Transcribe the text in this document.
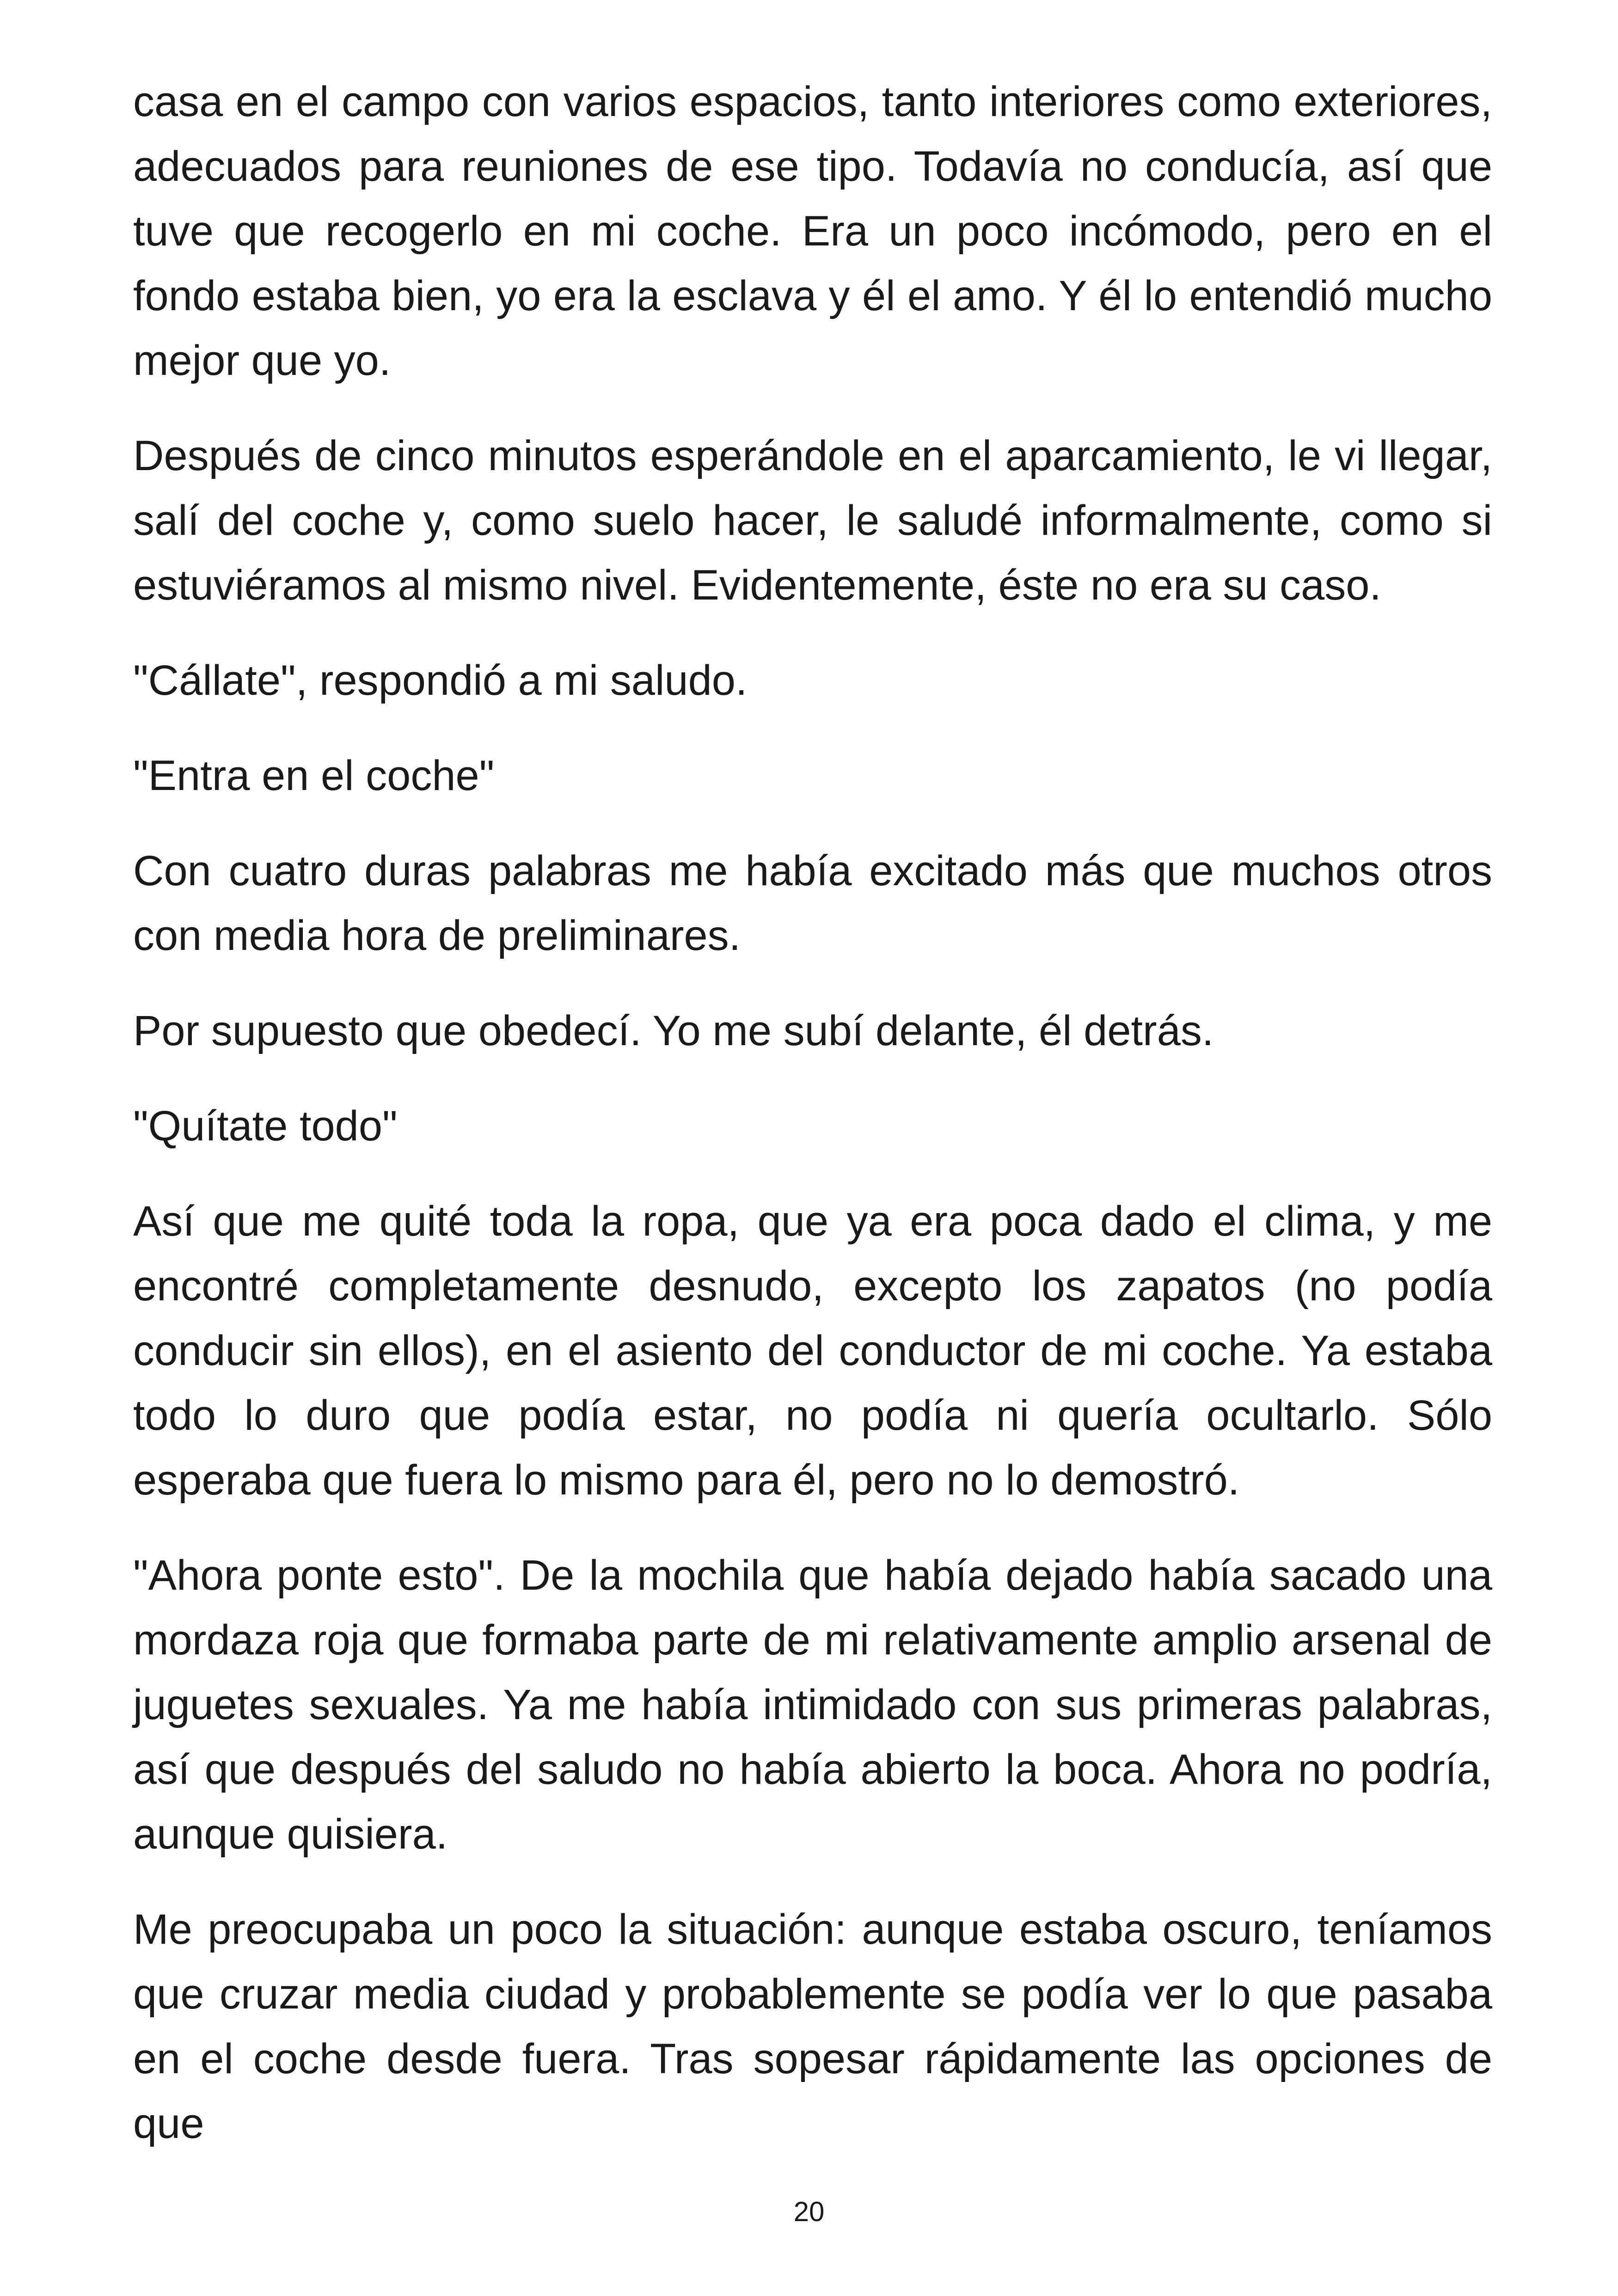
casa en el campo con varios espacios, tanto interiores como exteriores, adecuados para reuniones de ese tipo. Todavía no conducía, así que tuve que recogerlo en mi coche. Era un poco incómodo, pero en el fondo estaba bien, yo era la esclava y él el amo. Y él lo entendió mucho mejor que yo.

Después de cinco minutos esperándole en el aparcamiento, le vi llegar, salí del coche y, como suelo hacer, le saludé informalmente, como si estuviéramos al mismo nivel. Evidentemente, éste no era su caso.

"Cállate", respondió a mi saludo.

"Entra en el coche"

Con cuatro duras palabras me había excitado más que muchos otros con media hora de preliminares.

Por supuesto que obedecí. Yo me subí delante, él detrás.

"Quítate todo"

Así que me quité toda la ropa, que ya era poca dado el clima, y me encontré completamente desnudo, excepto los zapatos (no podía conducir sin ellos), en el asiento del conductor de mi coche. Ya estaba todo lo duro que podía estar, no podía ni quería ocultarlo. Sólo esperaba que fuera lo mismo para él, pero no lo demostró.

"Ahora ponte esto". De la mochila que había dejado había sacado una mordaza roja que formaba parte de mi relativamente amplio arsenal de juguetes sexuales. Ya me había intimidado con sus primeras palabras, así que después del saludo no había abierto la boca. Ahora no podría, aunque quisiera.

Me preocupaba un poco la situación: aunque estaba oscuro, teníamos que cruzar media ciudad y probablemente se podía ver lo que pasaba en el coche desde fuera. Tras sopesar rápidamente las opciones de que

20
